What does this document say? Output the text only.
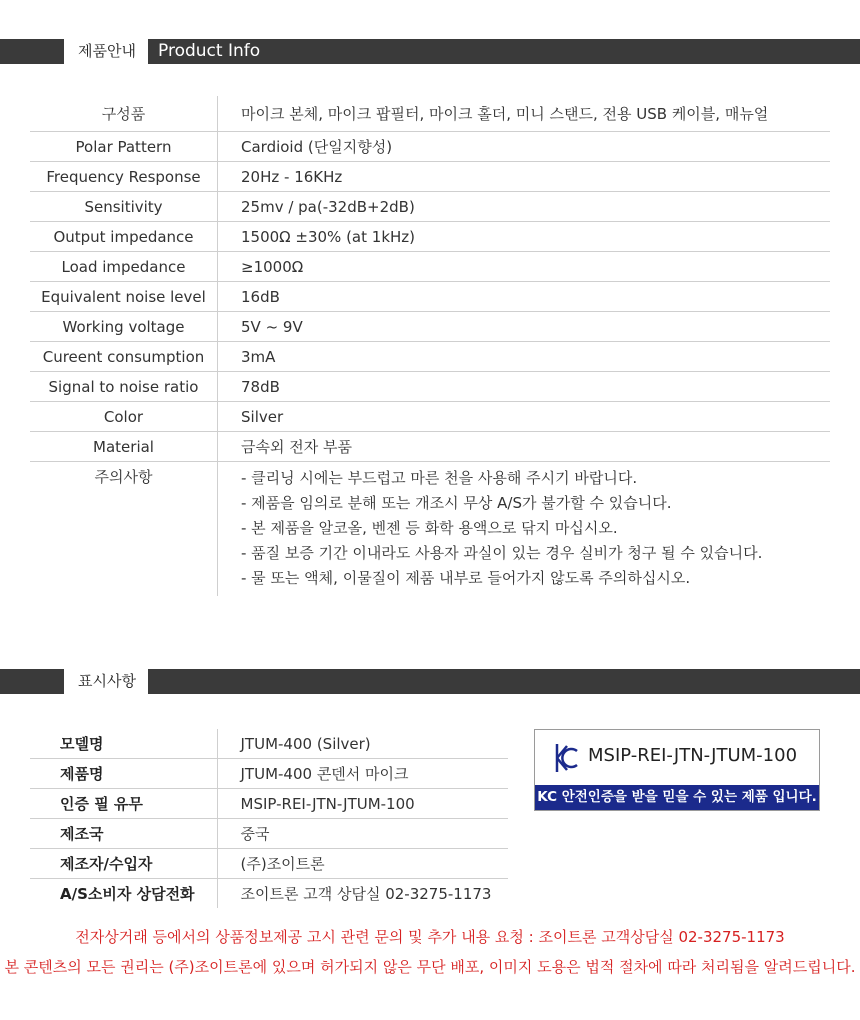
제품안내	Product Info
구성품	마이크 본체, 마이크 팝필터, 마이크 홀더, 미니 스탠드, 전용 USB 케이블, 매뉴얼
Polar Pattern	Cardioid (단일지향성)
Frequency Response	20Hz - 16KHz
Sensitivity	25mv / pa(-32dB+2dB)
Output impedance	1500Ω ±30% (at 1kHz)
Load impedance	≥1000Ω
Equivalent noise level	16dB
Working voltage	5V ~ 9V
Cureent consumption	3mA
Signal to noise ratio	78dB
Color	Silver
Material	금속외 전자 부품
주의사항	- 클리닝 시에는 부드럽고 마른 천을 사용해 주시기 바랍니다.
- 제품을 임의로 분해 또는 개조시 무상 A/S가 불가할 수 있습니다.
- 본 제품을 알코올, 벤젠 등 화학 용액으로 닦지 마십시오.
- 품질 보증 기간 이내라도 사용자 과실이 있는 경우 실비가 청구 될 수 있습니다.
- 물 또는 액체, 이물질이 제품 내부로 들어가지 않도록 주의하십시오.
표시사항
모델명	JTUM-400 (Silver)
제품명	JTUM-400 콘덴서 마이크
인증 필 유무	MSIP-REI-JTN-JTUM-100
제조국	중국
제조자/수입자	(주)조이트론
A/S소비자 상담전화	조이트론 고객 상담실 02-3275-1173
MSIP-REI-JTN-JTUM-100
KC 안전인증을 받을 믿을 수 있는 제품 입니다.
전자상거래 등에서의 상품정보제공 고시 관련 문의 및 추가 내용 요청 : 조이트론 고객상담실 02-3275-1173
본 콘텐츠의 모든 권리는 (주)조이트론에 있으며 허가되지 않은 무단 배포, 이미지 도용은 법적 절차에 따라 처리됨을 알려드립니다.
